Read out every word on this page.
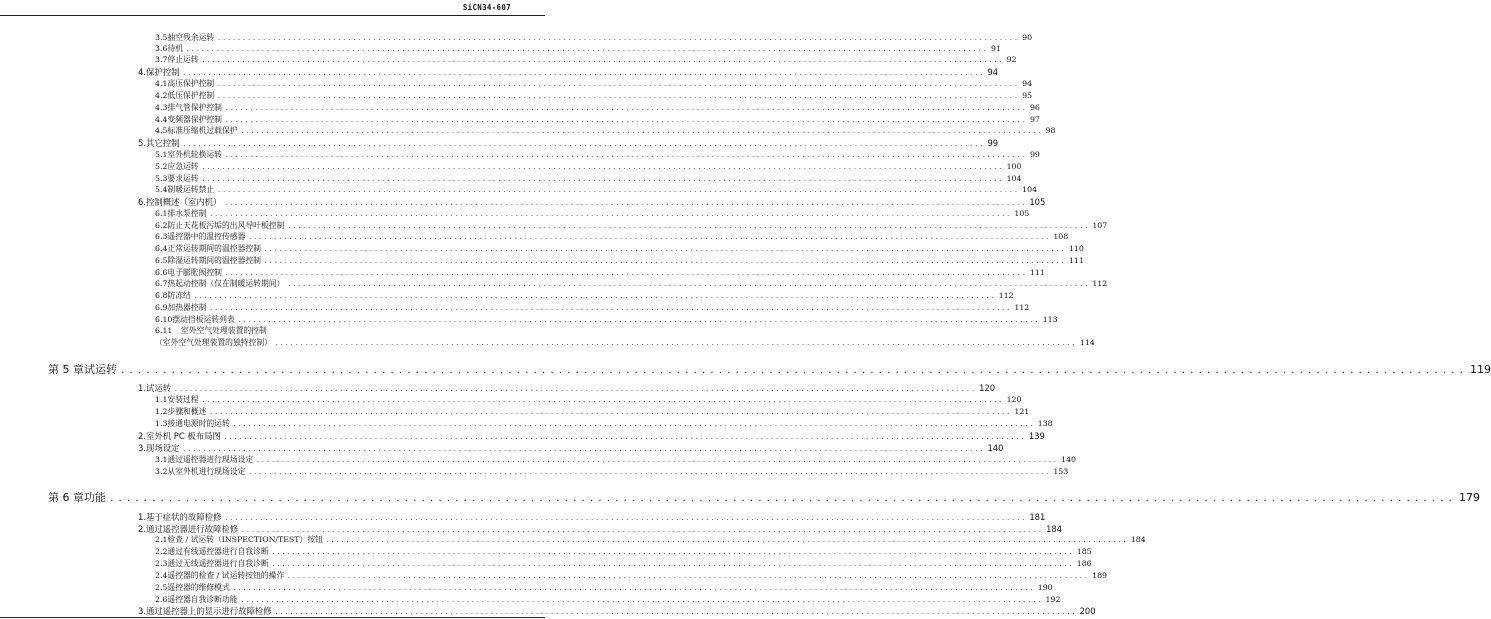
SiCN34-607
3.5 抽空残余运转 ................................................................................................................................................................ 90
3.6 待机 ................................................................................................................................................................ 91
3.7 停止运转 ................................................................................................................................................................ 92
4. 保护控制 ................................................................................................................................................................ 94
4.1 高压保护控制 ................................................................................................................................................................ 94
4.2 低压保护控制 ................................................................................................................................................................ 95
4.3 排气管保护控制 ................................................................................................................................................................ 96
4.4 变频器保护控制 ................................................................................................................................................................ 97
4.5 标准压缩机过载保护 ................................................................................................................................................................ 98
5. 其它控制 ................................................................................................................................................................ 99
5.1 室外机轮换运转 ................................................................................................................................................................ 99
5.2 应急运转 ................................................................................................................................................................ 100
5.3 要求运转 ................................................................................................................................................................ 104
5.4 制暖运转禁止 ................................................................................................................................................................ 104
6. 控制概述（室内机） ................................................................................................................................................................ 105
6.1 排水泵控制 ................................................................................................................................................................ 105
6.2 防止天花板污垢的出风导叶板控制 ................................................................................................................................................................ 107
6.3 遥控器中的温控传感器 ................................................................................................................................................................ 108
6.4 正常运转期间的温控器控制 ................................................................................................................................................................ 110
6.5 除湿运转期间的温控器控制 ................................................................................................................................................................ 111
6.6 电子膨胀阀控制 ................................................................................................................................................................ 111
6.7 热起动控制（仅在制暖运转期间） ................................................................................................................................................................ 112
6.8 防冻结 ................................................................................................................................................................ 112
6.9 加热器控制 ................................................................................................................................................................ 112
6.10 摆动挡板运转列表 ................................................................................................................................................................ 113
6.11	室外空气处理装置的控制
（室外空气处理装置的独特控制） ................................................................................................................................................................ 114
第 5 章 试运转 ................................................................................................................................................................ 119
1. 试运转 ................................................................................................................................................................ 120
1.1 安装过程 ................................................................................................................................................................ 120
1.2 步骤和概述 ................................................................................................................................................................ 121
1.3 接通电源时的运转 ................................................................................................................................................................ 138
2. 室外机 PC 板布局图 ................................................................................................................................................................ 139
3. 现场设定 ................................................................................................................................................................ 140
3.1 通过遥控器进行现场设定 ................................................................................................................................................................ 140
3.2 从室外机进行现场设定 ................................................................................................................................................................ 153
第 6 章 功能 ................................................................................................................................................................ 179
1. 基于症状的故障检修 ................................................................................................................................................................ 181
2. 通过遥控器进行故障检修 ................................................................................................................................................................ 184
2.1 检查 / 试运转（INSPECTION/TEST）按钮 ................................................................................................................................................................ 184
2.2 通过有线遥控器进行自我诊断 ................................................................................................................................................................ 185
2.3 通过无线遥控器进行自我诊断 ................................................................................................................................................................ 186
2.4 遥控器的检查 / 试运转按钮的操作 ................................................................................................................................................................ 189
2.5 遥控器的维修模式 ................................................................................................................................................................ 190
2.6 遥控器自我诊断功能 ................................................................................................................................................................ 192
3. 通过遥控器上的显示进行故障检修 ................................................................................................................................................................ 200
